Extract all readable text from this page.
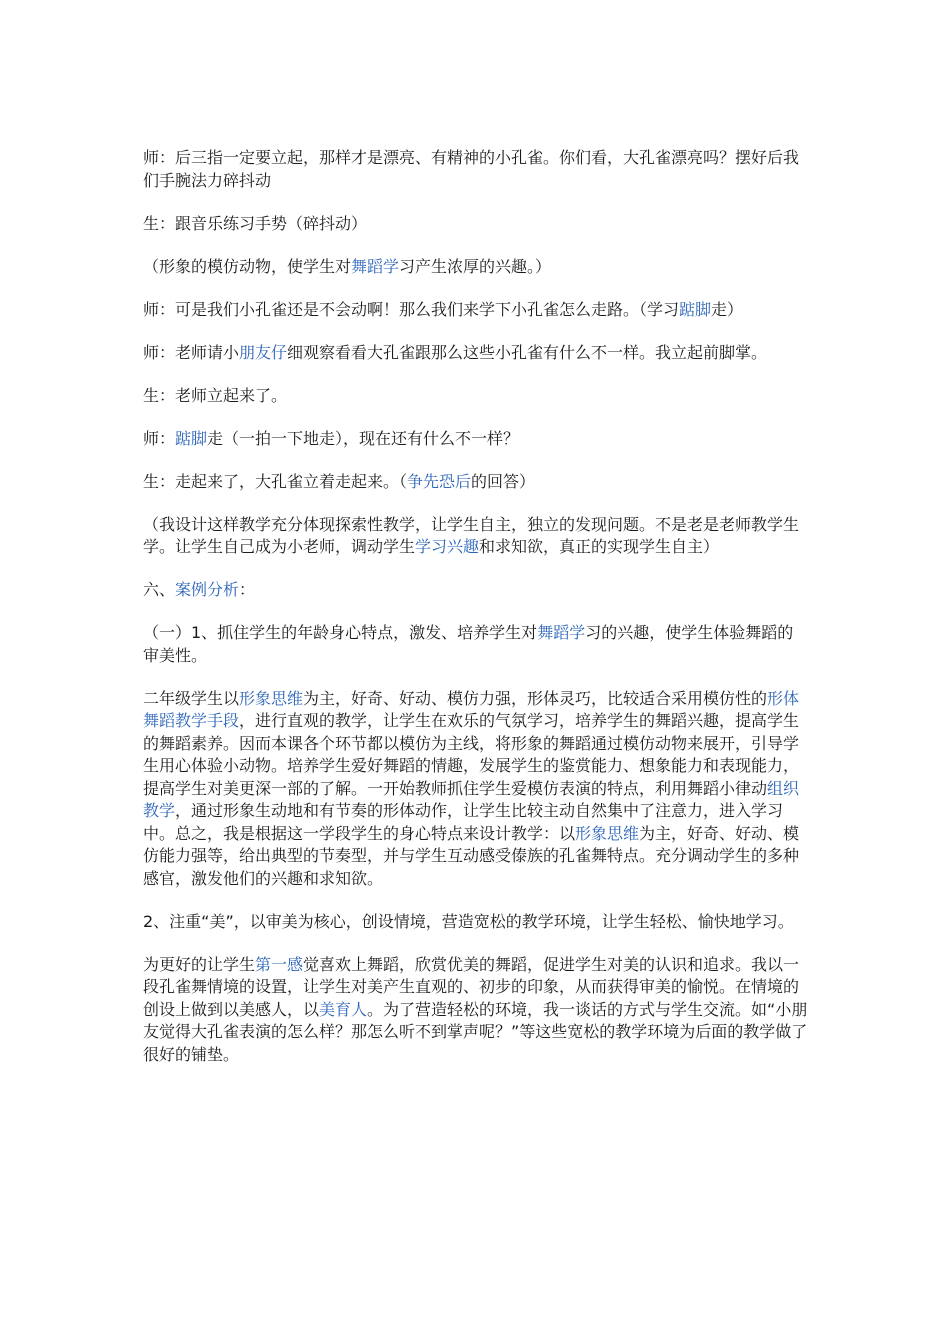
师：后三指一定要立起，那样才是漂亮、有精神的小孔雀。你们看，大孔雀漂亮吗？摆好后我们手腕法力碎抖动

生：跟音乐练习手势（碎抖动）

（形象的模仿动物，使学生对舞蹈学习产生浓厚的兴趣。）

师：可是我们小孔雀还是不会动啊！那么我们来学下小孔雀怎么走路。（学习踮脚走）

师：老师请小朋友仔细观察看看大孔雀跟那么这些小孔雀有什么不一样。我立起前脚掌。

生：老师立起来了。

师：踮脚走（一拍一下地走），现在还有什么不一样？

生：走起来了，大孔雀立着走起来。（争先恐后的回答）

（我设计这样教学充分体现探索性教学，让学生自主，独立的发现问题。不是老是老师教学生学。让学生自己成为小老师，调动学生学习兴趣和求知欲，真正的实现学生自主）

六、案例分析：

（一）1、抓住学生的年龄身心特点，激发、培养学生对舞蹈学习的兴趣，使学生体验舞蹈的审美性。

二年级学生以形象思维为主，好奇、好动、模仿力强，形体灵巧，比较适合采用模仿性的形体舞蹈教学手段，进行直观的教学，让学生在欢乐的气氛学习，培养学生的舞蹈兴趣，提高学生的舞蹈素养。因而本课各个环节都以模仿为主线，将形象的舞蹈通过模仿动物来展开，引导学生用心体验小动物。培养学生爱好舞蹈的情趣，发展学生的鉴赏能力、想象能力和表现能力，提高学生对美更深一部的了解。一开始教师抓住学生爱模仿表演的特点，利用舞蹈小律动组织教学，通过形象生动地和有节奏的形体动作，让学生比较主动自然集中了注意力，进入学习中。总之，我是根据这一学段学生的身心特点来设计教学：以形象思维为主，好奇、好动、模仿能力强等，给出典型的节奏型，并与学生互动感受傣族的孔雀舞特点。充分调动学生的多种感官，激发他们的兴趣和求知欲。

2、注重“美”，以审美为核心，创设情境，营造宽松的教学环境，让学生轻松、愉快地学习。

为更好的让学生第一感觉喜欢上舞蹈，欣赏优美的舞蹈，促进学生对美的认识和追求。我以一段孔雀舞情境的设置，让学生对美产生直观的、初步的印象，从而获得审美的愉悦。在情境的创设上做到以美感人，以美育人。为了营造轻松的环境，我一谈话的方式与学生交流。如“小朋友觉得大孔雀表演的怎么样？那怎么听不到掌声呢？”等这些宽松的教学环境为后面的教学做了很好的铺垫。
